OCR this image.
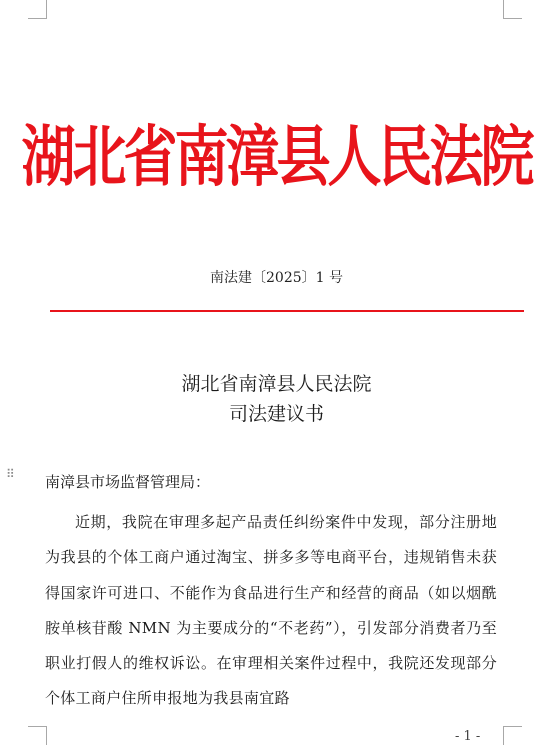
湖北省南漳县人民法院
南法建〔2025〕1 号
湖北省南漳县人民法院
司法建议书
⠿ 南漳县市场监督管理局：
近期，我院在审理多起产品责任纠纷案件中发现，部分注册地为我县的个体工商户通过淘宝、拼多多等电商平台，违规销售未获得国家许可进口、不能作为食品进行生产和经营的商品（如以烟酰胺单核苷酸 NMN 为主要成分的“不老药”），引发部分消费者乃至职业打假人的维权诉讼。在审理相关案件过程中，我院还发现部分个体工商户住所申报地为我县南宜路
- 1 -
